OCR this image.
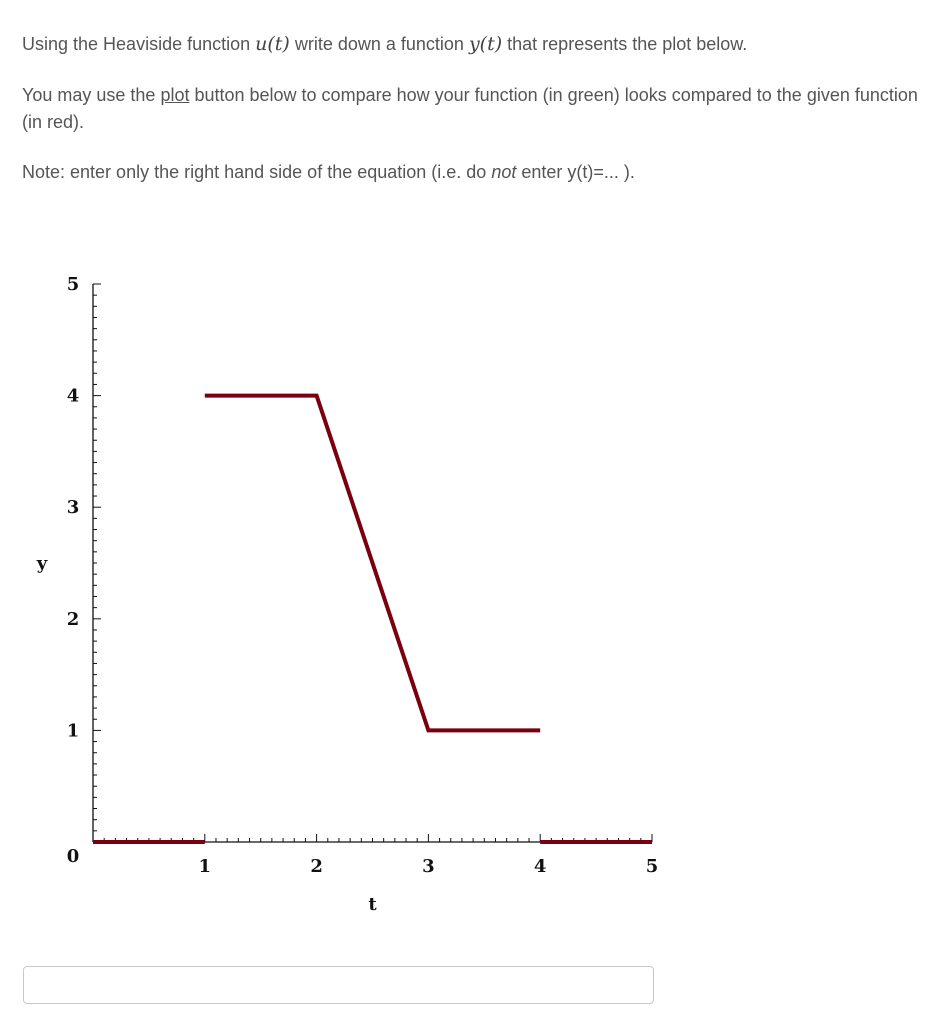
Using the Heaviside function u(t) write down a function y(t) that represents the plot below.
You may use the plot button below to compare how your function (in green) looks compared to the given function (in red).
Note: enter only the right hand side of the equation (i.e. do not enter y(t)=... ).
0
1
2
3
4
5
1	2	3	4	5
t
y
